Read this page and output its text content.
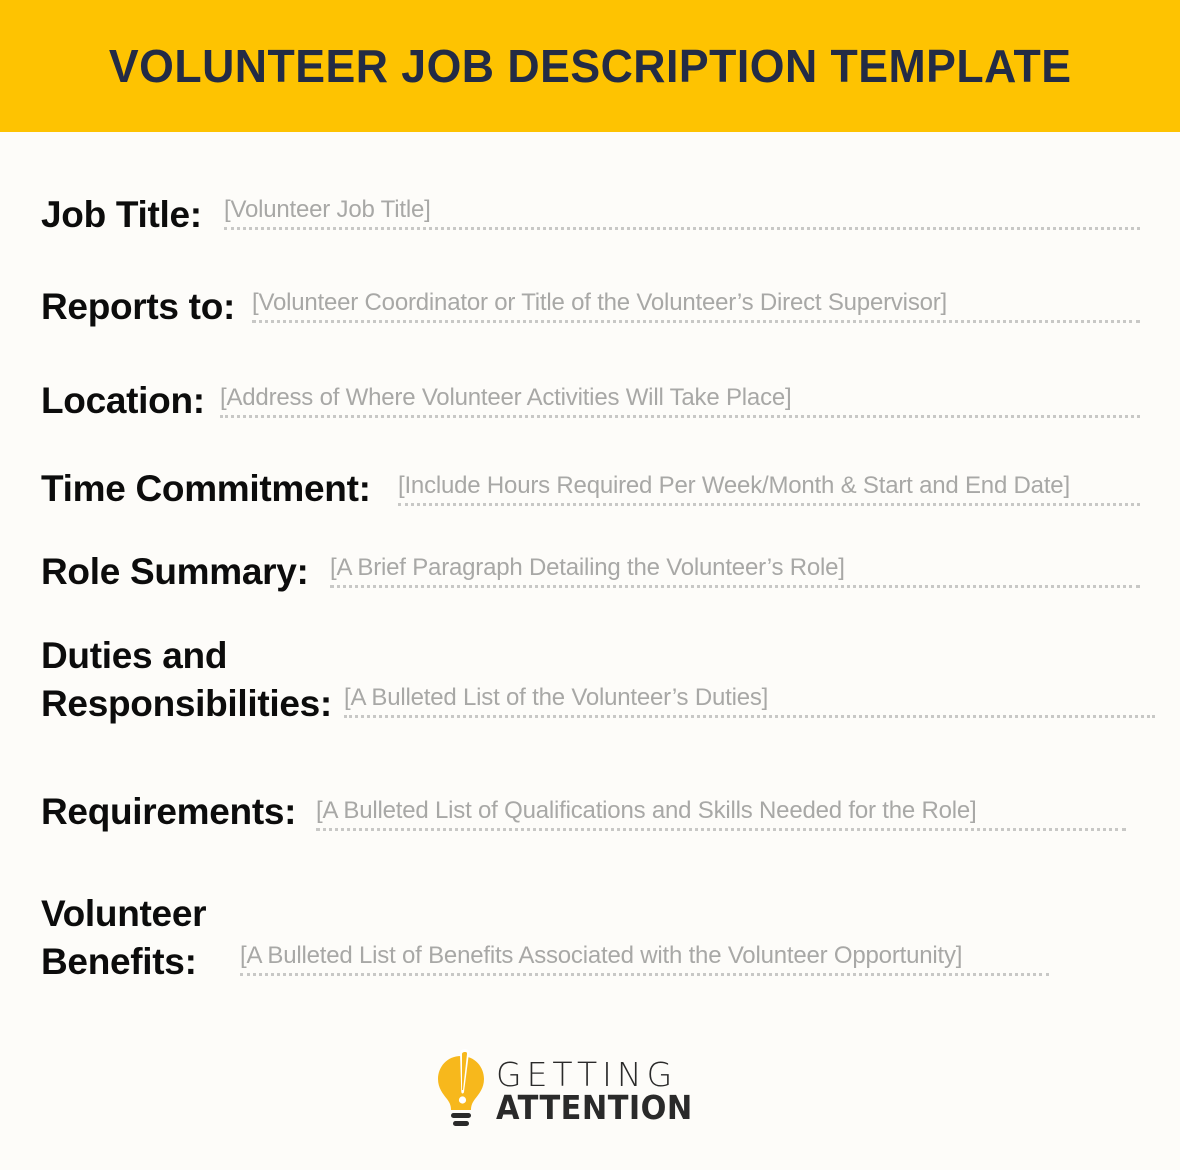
VOLUNTEER JOB DESCRIPTION TEMPLATE
Job Title: [Volunteer Job Title]
Reports to: [Volunteer Coordinator or Title of the Volunteer’s Direct Supervisor]
Location: [Address of Where Volunteer Activities Will Take Place]
Time Commitment: [Include Hours Required Per Week/Month & Start and End Date]
Role Summary: [A Brief Paragraph Detailing the Volunteer’s Role]
Duties and
Responsibilities: [A Bulleted List of the Volunteer’s Duties]
Requirements: [A Bulleted List of Qualifications and Skills Needed for the Role]
Volunteer
Benefits: [A Bulleted List of Benefits Associated with the Volunteer Opportunity]
GETTING
ATTENTION
